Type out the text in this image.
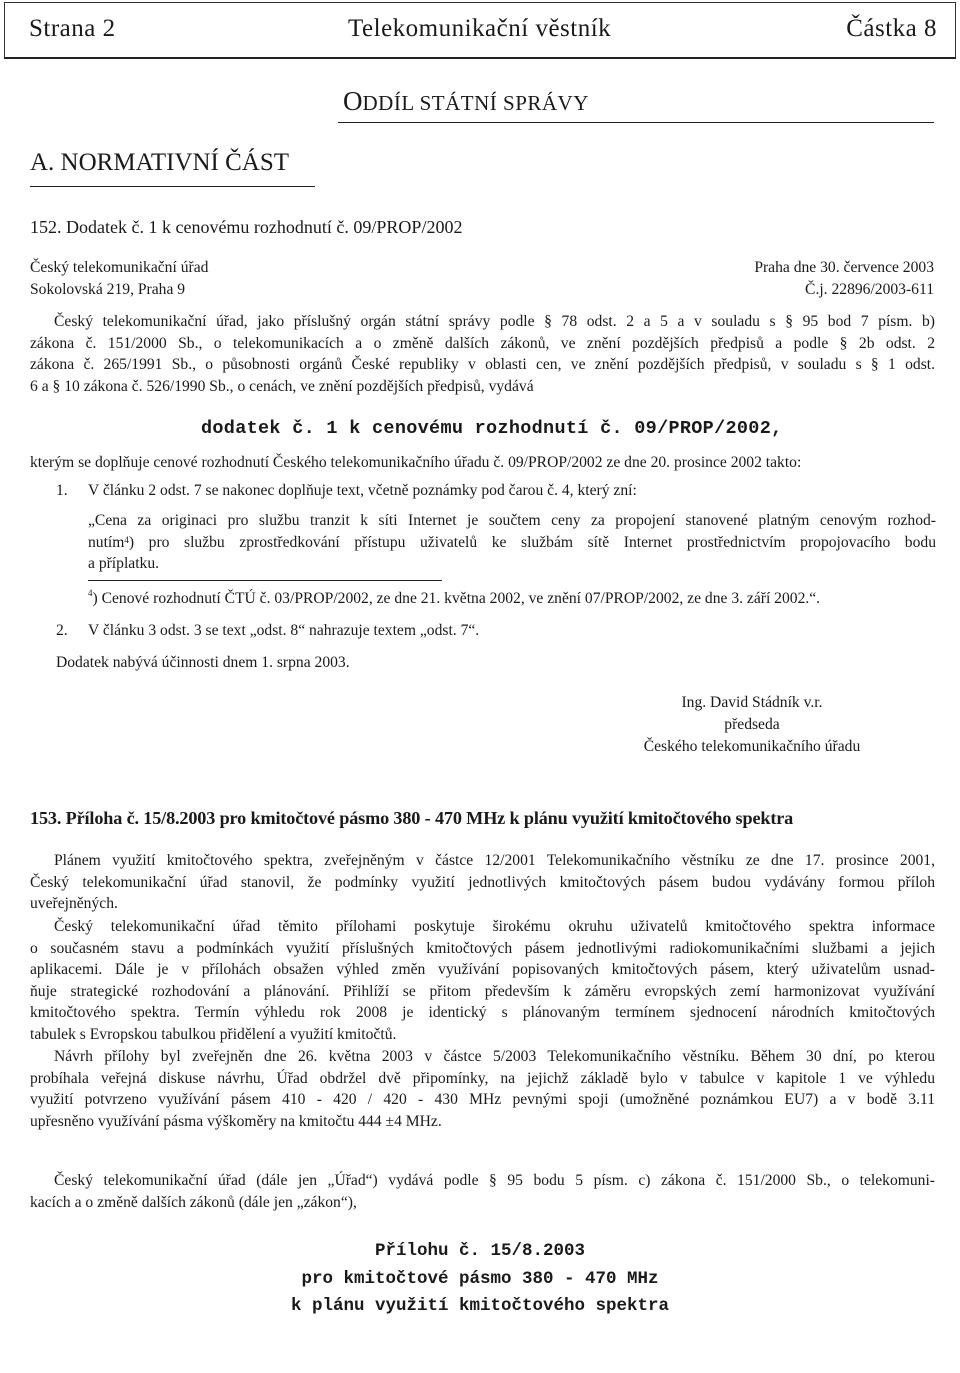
Strana 2	Telekomunikační věstník	Částka 8
ODDÍL STÁTNÍ SPRÁVY
A. NORMATIVNÍ ČÁST
152. Dodatek č. 1 k cenovému rozhodnutí č. 09/PROP/2002
Český telekomunikační úřad	Praha dne 30. července 2003
Sokolovská 219, Praha 9	Č.j. 22896/2003-611
Český telekomunikační úřad, jako příslušný orgán státní správy podle § 78 odst. 2 a 5 a v souladu s § 95 bod 7 písm. b)
zákona č. 151/2000 Sb., o telekomunikacích a o změně dalších zákonů, ve znění pozdějších předpisů a podle § 2b odst. 2
zákona č. 265/1991 Sb., o působnosti orgánů České republiky v oblasti cen, ve znění pozdějších předpisů, v souladu s § 1 odst.
6 a § 10 zákona č. 526/1990 Sb., o cenách, ve znění pozdějších předpisů, vydává
dodatek č. 1 k cenovému rozhodnutí č. 09/PROP/2002,
kterým se doplňuje cenové rozhodnutí Českého telekomunikačního úřadu č. 09/PROP/2002 ze dne 20. prosince 2002 takto:
1. V článku 2 odst. 7 se nakonec doplňuje text, včetně poznámky pod čarou č. 4, který zní:
„Cena za originaci pro službu tranzit k síti Internet je součtem ceny za propojení stanovené platným cenovým rozhod-
nutím$^4$) pro službu zprostředkování přístupu uživatelů ke službám sítě Internet prostřednictvím propojovacího bodu
a příplatku.
$^4$) Cenové rozhodnutí ČTÚ č. 03/PROP/2002, ze dne 21. května 2002, ve znění 07/PROP/2002, ze dne 3. září 2002.“.
2. V článku 3 odst. 3 se text „odst. 8“ nahrazuje textem „odst. 7“.
Dodatek nabývá účinnosti dnem 1. srpna 2003.
Ing. David Stádník v.r.
předseda
Českého telekomunikačního úřadu
153. Příloha č. 15/8.2003 pro kmitočtové pásmo 380 - 470 MHz k plánu využití kmitočtového spektra
Plánem využití kmitočtového spektra, zveřejněným v částce 12/2001 Telekomunikačního věstníku ze dne 17. prosince 2001,
Český telekomunikační úřad stanovil, že podmínky využití jednotlivých kmitočtových pásem budou vydávány formou příloh
uveřejněných.
Český telekomunikační úřad těmito přílohami poskytuje širokému okruhu uživatelů kmitočtového spektra informace
o současném stavu a podmínkách využití příslušných kmitočtových pásem jednotlivými radiokomunikačními službami a jejich
aplikacemi. Dále je v přílohách obsažen výhled změn využívání popisovaných kmitočtových pásem, který uživatelům usnad-
ňuje strategické rozhodování a plánování. Přihlíží se přitom především k záměru evropských zemí harmonizovat využívání
kmitočtového spektra. Termín výhledu rok 2008 je identický s plánovaným termínem sjednocení národních kmitočtových
tabulek s Evropskou tabulkou přidělení a využití kmitočtů.
Návrh přílohy byl zveřejněn dne 26. května 2003 v částce 5/2003 Telekomunikačního věstníku. Během 30 dní, po kterou
probíhala veřejná diskuse návrhu, Úřad obdržel dvě připomínky, na jejichž základě bylo v tabulce v kapitole 1 ve výhledu
využití potvrzeno využívání pásem 410 - 420 / 420 - 430 MHz pevnými spoji (umožněné poznámkou EU7) a v bodě 3.11
upřesněno využívání pásma výškoměry na kmitočtu 444 ±4 MHz.
Český telekomunikační úřad (dále jen „Úřad“) vydává podle § 95 bodu 5 písm. c) zákona č. 151/2000 Sb., o telekomuni-
kacích a o změně dalších zákonů (dále jen „zákon“),
Přílohu č. 15/8.2003
pro kmitočtové pásmo 380 - 470 MHz
k plánu využití kmitočtového spektra
